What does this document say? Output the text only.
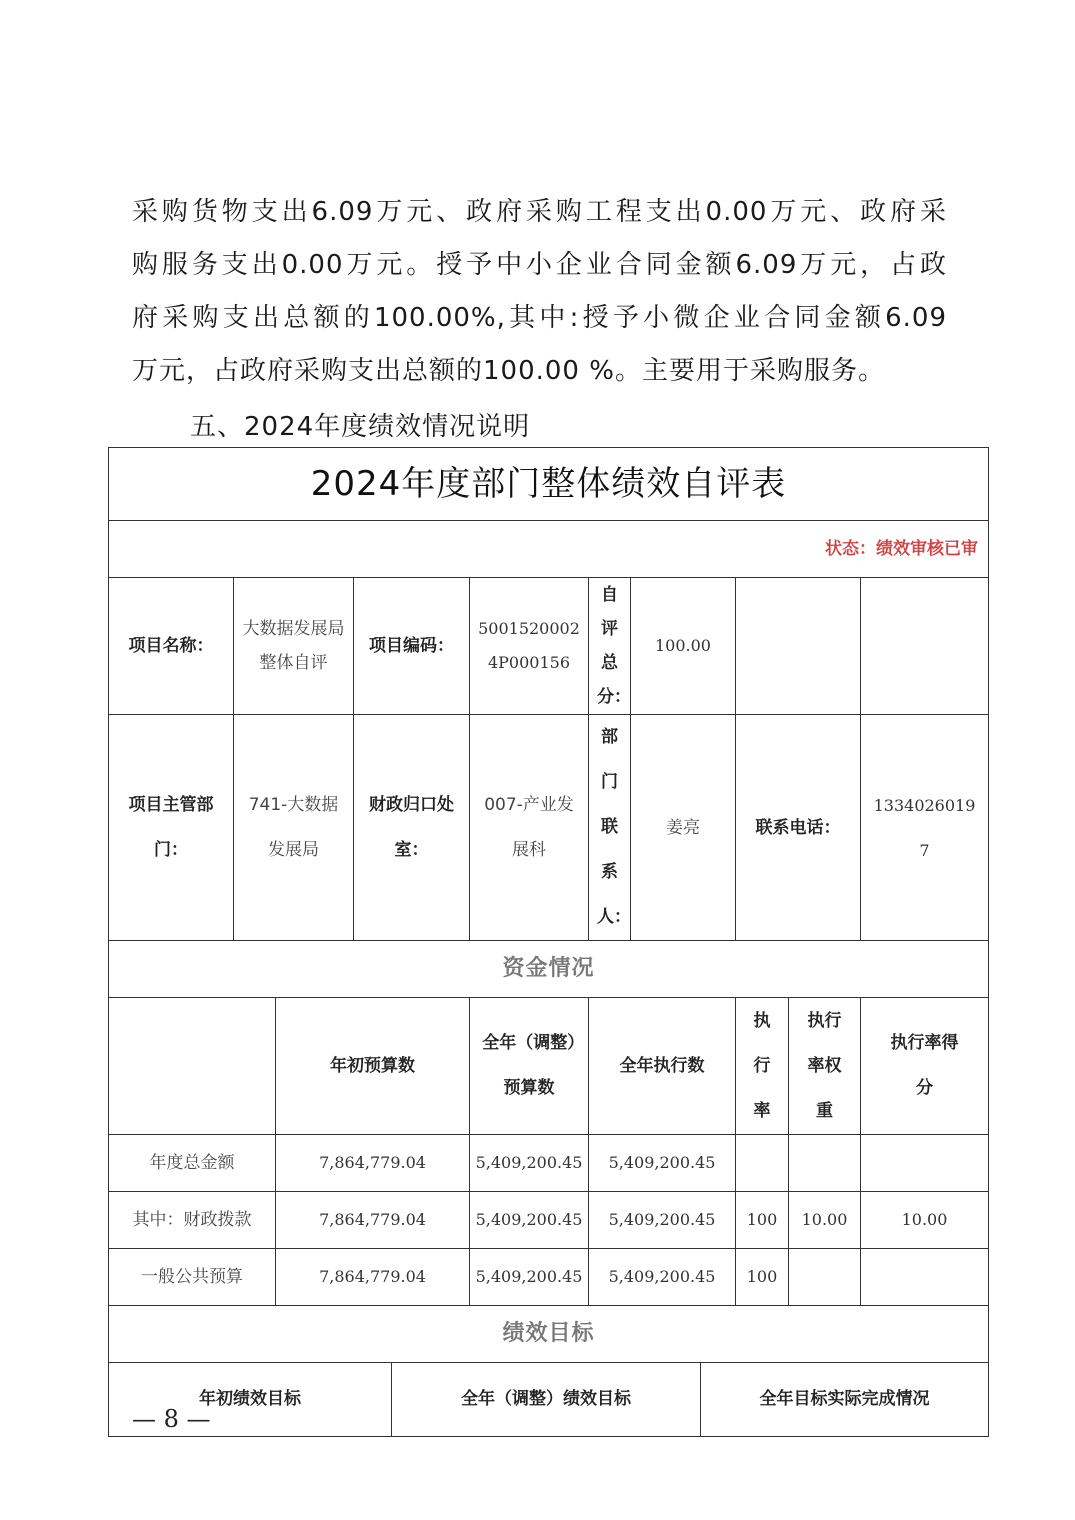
采购货物支出6.09万元、政府采购工程支出0.00万元、政府采
购服务支出0.00万元。授予中小企业合同金额6.09万元，占政
府采购支出总额的100.00%,其中:授予小微企业合同金额6.09
万元，占政府采购支出总额的100.00 %。主要用于采购服务。

五、2024年度绩效情况说明

2024年度部门整体绩效自评表											
状态：绩效审核已审											
项目名称：	大数据发展局整体自评		项目编码：		50015200024P000156	自评总分：	100.00				
项目主管部门：	741-大数据发展局		财政归口处室：		007-产业发展科	部门联系人：	姜亮		联系电话：		13340260197
资金情况											
		年初预算数			全年（调整）预算数	全年执行数			执行率	执行率权重	执行率得分
年度总金额		7,864,779.04			5,409,200.45	5,409,200.45					
其中：财政拨款		7,864,779.04			5,409,200.45	5,409,200.45			100	10.00	10.00
一般公共预算		7,864,779.04			5,409,200.45	5,409,200.45			100		
绩效目标											
年初绩效目标				全年（调整）绩效目标				全年目标实际完成情况			

— 8 —
